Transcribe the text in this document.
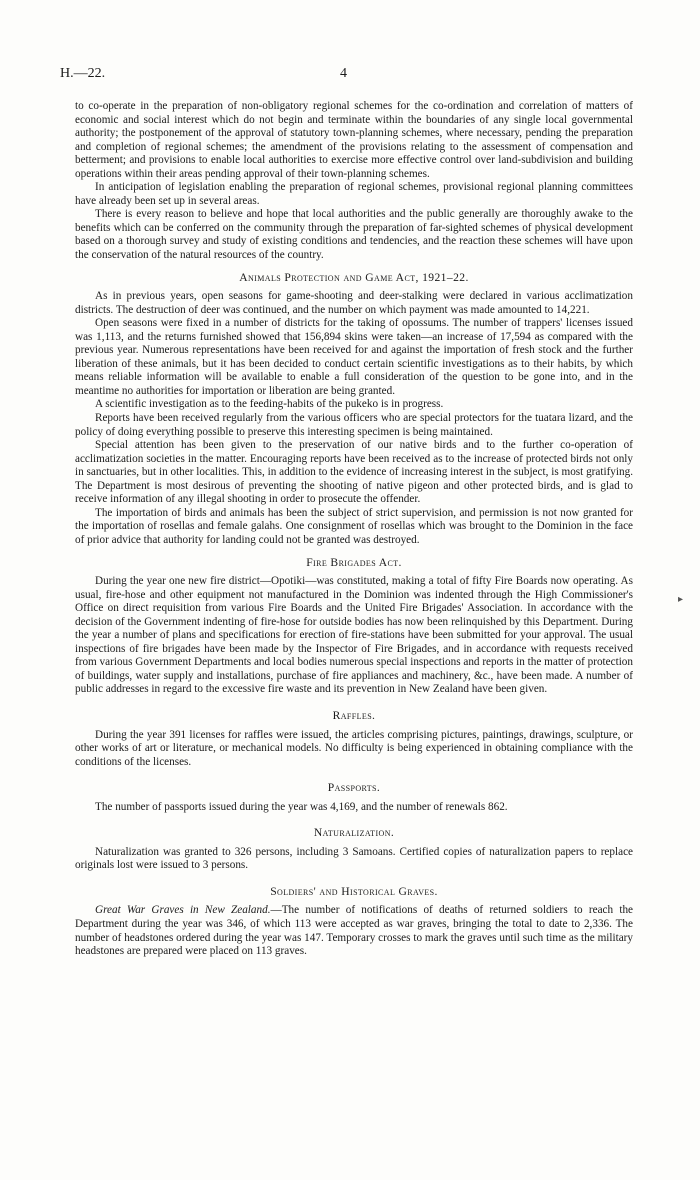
H.—22.	4

to co-operate in the preparation of non-obligatory regional schemes for the co-ordination and correlation of matters of economic and social interest which do not begin and terminate within the boundaries of any single local governmental authority; the postponement of the approval of statutory town-planning schemes, where necessary, pending the preparation and completion of regional schemes; the amendment of the provisions relating to the assessment of compensation and betterment; and provisions to enable local authorities to exercise more effective control over land-subdivision and building operations within their areas pending approval of their town-planning schemes.

In anticipation of legislation enabling the preparation of regional schemes, provisional regional planning committees have already been set up in several areas.

There is every reason to believe and hope that local authorities and the public generally are thoroughly awake to the benefits which can be conferred on the community through the preparation of far-sighted schemes of physical development based on a thorough survey and study of existing conditions and tendencies, and the reaction these schemes will have upon the conservation of the natural resources of the country.

Animals Protection and Game Act, 1921–22.

As in previous years, open seasons for game-shooting and deer-stalking were declared in various acclimatization districts. The destruction of deer was continued, and the number on which payment was made amounted to 14,221.

Open seasons were fixed in a number of districts for the taking of opossums. The number of trappers' licenses issued was 1,113, and the returns furnished showed that 156,894 skins were taken—an increase of 17,594 as compared with the previous year. Numerous representations have been received for and against the importation of fresh stock and the further liberation of these animals, but it has been decided to conduct certain scientific investigations as to their habits, by which means reliable information will be available to enable a full consideration of the question to be gone into, and in the meantime no authorities for importation or liberation are being granted.

A scientific investigation as to the feeding-habits of the pukeko is in progress.

Reports have been received regularly from the various officers who are special protectors for the tuatara lizard, and the policy of doing everything possible to preserve this interesting specimen is being maintained.

Special attention has been given to the preservation of our native birds and to the further co-operation of acclimatization societies in the matter. Encouraging reports have been received as to the increase of protected birds not only in sanctuaries, but in other localities. This, in addition to the evidence of increasing interest in the subject, is most gratifying. The Department is most desirous of preventing the shooting of native pigeon and other protected birds, and is glad to receive information of any illegal shooting in order to prosecute the offender.

The importation of birds and animals has been the subject of strict supervision, and permission is not now granted for the importation of rosellas and female galahs. One consignment of rosellas which was brought to the Dominion in the face of prior advice that authority for landing could not be granted was destroyed.

Fire Brigades Act.

During the year one new fire district—Opotiki—was constituted, making a total of fifty Fire Boards now operating. As usual, fire-hose and other equipment not manufactured in the Dominion was indented through the High Commissioner's Office on direct requisition from various Fire Boards and the United Fire Brigades' Association. In accordance with the decision of the Government indenting of fire-hose for outside bodies has now been relinquished by this Department. During the year a number of plans and specifications for erection of fire-stations have been submitted for your approval. The usual inspections of fire brigades have been made by the Inspector of Fire Brigades, and in accordance with requests received from various Government Departments and local bodies numerous special inspections and reports in the matter of protection of buildings, water supply and installations, purchase of fire appliances and machinery, &c., have been made. A number of public addresses in regard to the excessive fire waste and its prevention in New Zealand have been given.

Raffles.

During the year 391 licenses for raffles were issued, the articles comprising pictures, paintings, drawings, sculpture, or other works of art or literature, or mechanical models. No difficulty is being experienced in obtaining compliance with the conditions of the licenses.

Passports.

The number of passports issued during the year was 4,169, and the number of renewals 862.

Naturalization.

Naturalization was granted to 326 persons, including 3 Samoans. Certified copies of naturalization papers to replace originals lost were issued to 3 persons.

Soldiers' and Historical Graves.

Great War Graves in New Zealand.—The number of notifications of deaths of returned soldiers to reach the Department during the year was 346, of which 113 were accepted as war graves, bringing the total to date to 2,336. The number of headstones ordered during the year was 147. Temporary crosses to mark the graves until such time as the military headstones are prepared were placed on 113 graves.

▸
